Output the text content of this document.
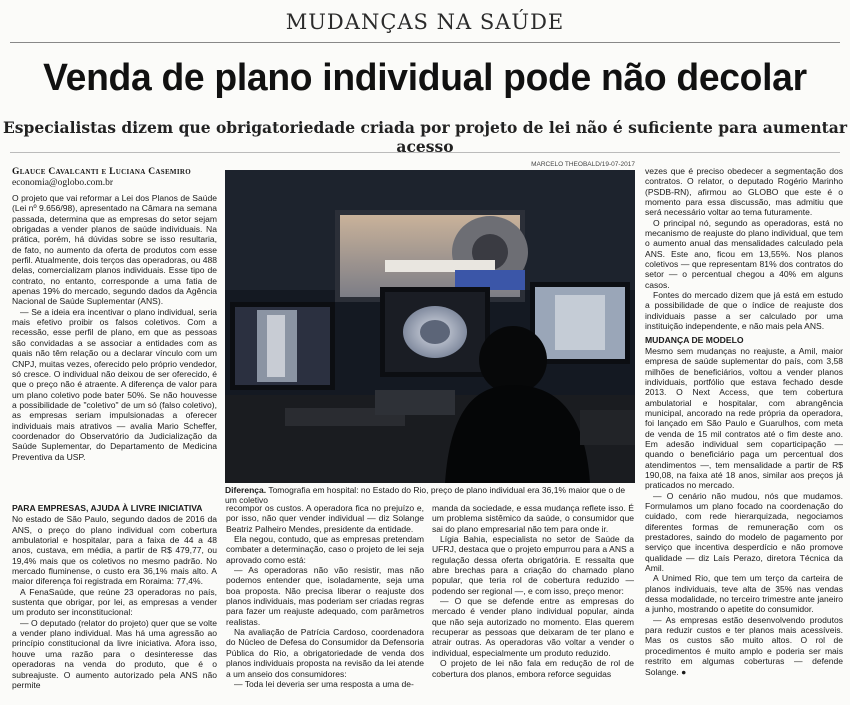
MUDANÇAS NA SAÚDE
Venda de plano individual pode não decolar
Especialistas dizem que obrigatoriedade criada por projeto de lei não é suficiente para aumentar acesso
Glauce Cavalcanti e Luciana Casemiro
economia@oglobo.com.br
MARCELO THEOBALD/19-07-2017

O projeto que vai reformar a Lei dos Planos de Saúde (Lei nº 9.656/98), apresentado na Câmara na semana passada, determina que as empresas do setor sejam obrigadas a vender planos de saúde individuais. Na prática, porém, há dúvidas sobre se isso resultaria, de fato, no aumento da oferta de produtos com esse perfil. Atualmente, dois terços das operadoras, ou 488 delas, comercializam planos individuais. Esse tipo de contrato, no entanto, corresponde a uma fatia de apenas 19% do mercado, segundo dados da Agência Nacional de Saúde Suplementar (ANS).

— Se a ideia era incentivar o plano individual, seria mais efetivo proibir os falsos coletivos. Com a recessão, esse perfil de plano, em que as pessoas são convidadas a se associar a entidades com as quais não têm relação ou a declarar vínculo com um CNPJ, muitas vezes, oferecido pelo próprio vendedor, só cresce. O individual não deixou de ser oferecido, é que o preço não é atraente. A diferença de valor para um plano coletivo pode bater 50%. Se não houvesse a possibilidade de "coletivo" de um só (falso coletivo), as empresas seriam impulsionadas a oferecer individuais mais atrativos — avalia Mario Scheffer, coordenador do Observatório da Judicialização da Saúde Suplementar, do Departamento de Medicina Preventiva da USP.

Diferença. Tomografia em hospital: no Estado do Rio, preço de plano individual era 36,1% maior que o de um coletivo
PARA EMPRESAS, AJUDA À LIVRE INICIATIVA

No estado de São Paulo, segundo dados de 2016 da ANS, o preço do plano individual com cobertura ambulatorial e hospitalar, para a faixa de 44 a 48 anos, custava, em média, a partir de R$ 479,77, ou 19,4% mais que os coletivos no mesmo padrão. No mercado fluminense, o custo era 36,1% mais alto. A maior diferença foi registrada em Roraima: 77,4%.

A FenaSaúde, que reúne 23 operadoras no país, sustenta que obrigar, por lei, as empresas a vender um produto ser inconstitucional:

— O deputado (relator do projeto) quer que se volte a vender plano individual. Mas há uma agressão ao princípio constitucional da livre iniciativa. Afora isso, houve uma razão para o desinteresse das operadoras na venda do produto, que é o subreajuste. O aumento autorizado pela ANS não permite

recompor os custos. A operadora fica no prejuízo e, por isso, não quer vender individual — diz Solange Beatriz Palheiro Mendes, presidente da entidade.

Ela negou, contudo, que as empresas pretendam combater a determinação, caso o projeto de lei seja aprovado como está:

— As operadoras não vão resistir, mas não podemos entender que, isoladamente, seja uma boa proposta. Não precisa liberar o reajuste dos planos individuais, mas poderiam ser criadas regras para fazer um reajuste adequado, com parâmetros realistas.

Na avaliação de Patrícia Cardoso, coordenadora do Núcleo de Defesa do Consumidor da Defensoria Pública do Rio, a obrigatoriedade de venda dos planos individuais proposta na revisão da lei atende a um anseio dos consumidores:

— Toda lei deveria ser uma resposta a uma de-

manda da sociedade, e essa mudança reflete isso. É um problema sistêmico da saúde, o consumidor que sai do plano empresarial não tem para onde ir.

Lígia Bahia, especialista no setor de Saúde da UFRJ, destaca que o projeto empurrou para a ANS a regulação dessa oferta obrigatória. E ressalta que abre brechas para a criação do chamado plano popular, que teria rol de cobertura reduzido — podendo ser regional —, e com isso, preço menor:

— O que se defende entre as empresas do mercado é vender plano individual popular, ainda que não seja autorizado no momento. Elas querem recuperar as pessoas que deixaram de ter plano e atrair outras. As operadoras vão voltar a vender o individual, especialmente um produto reduzido.

O projeto de lei não fala em redução de rol de cobertura dos planos, embora reforce seguidas

vezes que é preciso obedecer a segmentação dos contratos. O relator, o deputado Rogério Marinho (PSDB-RN), afirmou ao GLOBO que este é o momento para essa discussão, mas admitiu que será necessário voltar ao tema futuramente.

O principal nó, segundo as operadoras, está no mecanismo de reajuste do plano individual, que tem o aumento anual das mensalidades calculado pela ANS. Este ano, ficou em 13,55%. Nos planos coletivos — que representam 81% dos contratos do setor — o percentual chegou a 40% em alguns casos.

Fontes do mercado dizem que já está em estudo a possibilidade de que o índice de reajuste dos individuais passe a ser calculado por uma instituição independente, e não mais pela ANS.

MUDANÇA DE MODELO

Mesmo sem mudanças no reajuste, a Amil, maior empresa de saúde suplementar do país, com 3,58 milhões de beneficiários, voltou a vender planos individuais, portfólio que estava fechado desde 2013. O Next Access, que tem cobertura ambulatorial e hospitalar, com abrangência municipal, ancorado na rede própria da operadora, foi lançado em São Paulo e Guarulhos, com meta de venda de 15 mil contratos até o fim deste ano. Em adesão individual sem coparticipação — quando o beneficiário paga um percentual dos atendimentos —, tem mensalidade a partir de R$ 190,08, na faixa até 18 anos, similar aos preços já praticados no mercado.

— O cenário não mudou, nós que mudamos. Formulamos um plano focado na coordenação do cuidado, com rede hierarquizada, negociamos diferentes formas de remuneração com os prestadores, saindo do modelo de pagamento por serviço que incentiva desperdício e não promove qualidade — diz Laís Perazo, diretora Técnica da Amil.

A Unimed Rio, que tem um terço da carteira de planos individuais, teve alta de 35% nas vendas dessa modalidade, no terceiro trimestre ante janeiro a junho, mostrando o apetite do consumidor.

— As empresas estão desenvolvendo produtos para reduzir custos e ter planos mais acessíveis. Mas os custos são muito altos. O rol de procedimentos é muito amplo e poderia ser mais restrito em algumas coberturas — defende Solange. ●
